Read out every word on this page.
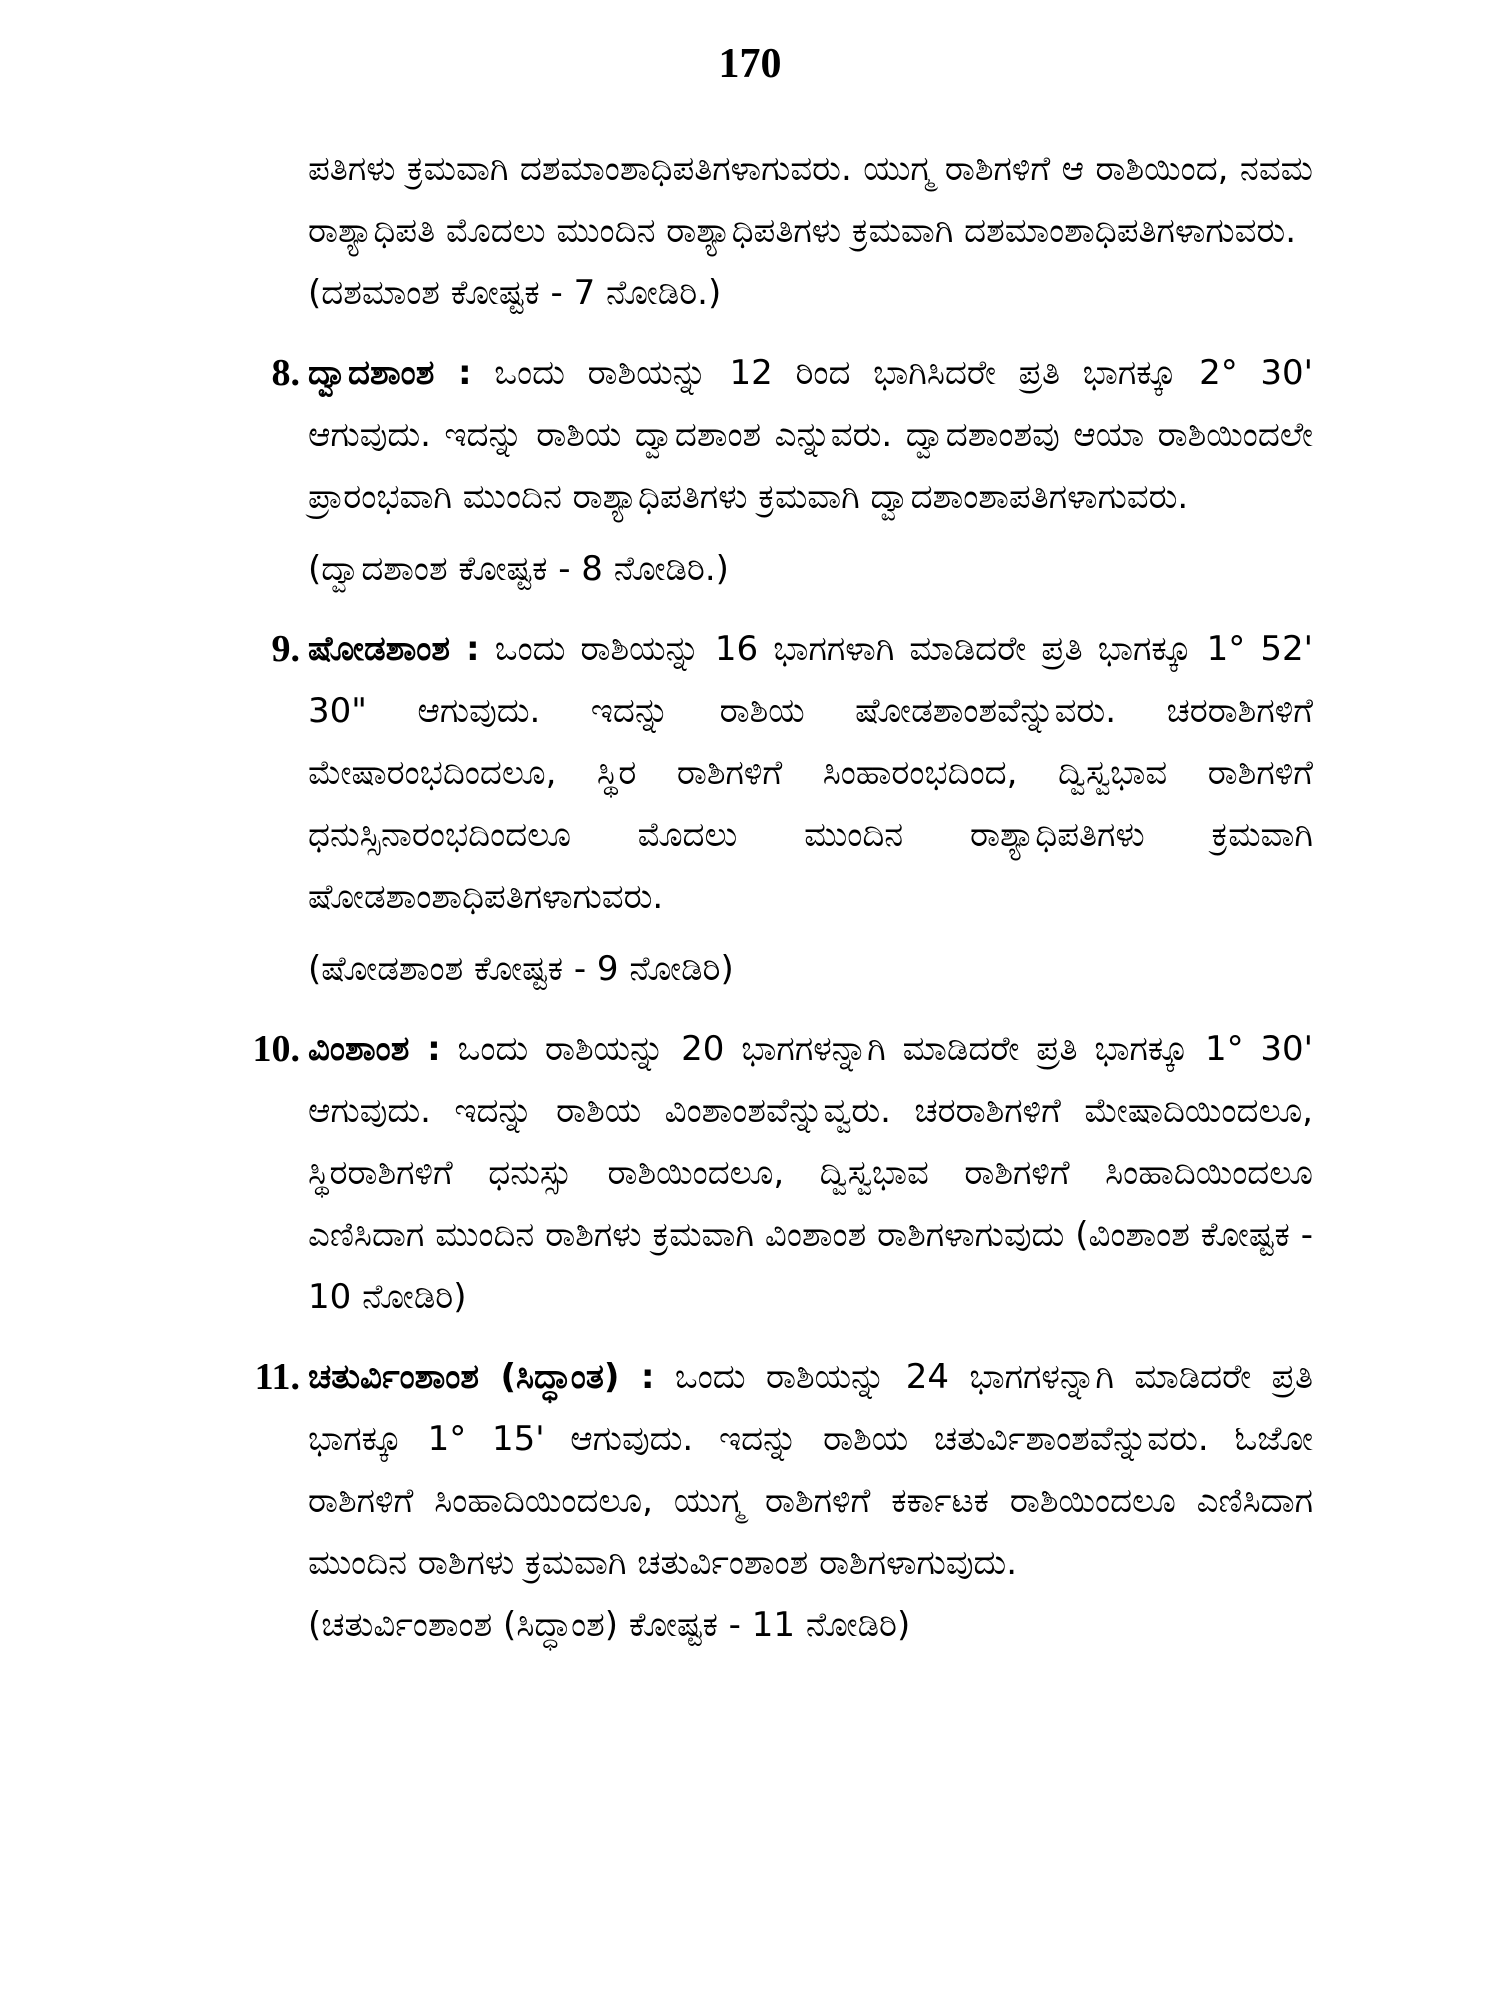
170

ಪತಿಗಳು ಕ್ರಮವಾಗಿ ದಶಮಾಂಶಾಧಿಪತಿಗಳಾಗುವರು. ಯುಗ್ಮ ರಾಶಿಗಳಿಗೆ ಆ ರಾಶಿಯಿಂದ, ನವಮ ರಾಶ್ಯಾಧಿಪತಿ ಮೊದಲು ಮುಂದಿನ ರಾಶ್ಯಾಧಿಪತಿಗಳು ಕ್ರಮವಾಗಿ ದಶಮಾಂಶಾಧಿಪತಿಗಳಾಗುವರು.

(ದಶಮಾಂಶ ಕೋಷ್ಟಕ - 7 ನೋಡಿರಿ.)

8. ದ್ವಾದಶಾಂಶ : ಒಂದು ರಾಶಿಯನ್ನು 12 ರಿಂದ ಭಾಗಿಸಿದರೇ ಪ್ರತಿ ಭಾಗಕ್ಕೂ 2° 30' ಆಗುವುದು. ಇದನ್ನು ರಾಶಿಯ ದ್ವಾದಶಾಂಶ ಎನ್ನುವರು. ದ್ವಾದಶಾಂಶವು ಆಯಾ ರಾಶಿಯಿಂದಲೇ ಪ್ರಾರಂಭವಾಗಿ ಮುಂದಿನ ರಾಶ್ಯಾಧಿಪತಿಗಳು ಕ್ರಮವಾಗಿ ದ್ವಾದಶಾಂಶಾಪತಿಗಳಾಗುವರು.

(ದ್ವಾದಶಾಂಶ ಕೋಷ್ಟಕ - 8 ನೋಡಿರಿ.)

9. ಷೋಡಶಾಂಶ : ಒಂದು ರಾಶಿಯನ್ನು 16 ಭಾಗಗಳಾಗಿ ಮಾಡಿದರೇ ಪ್ರತಿ ಭಾಗಕ್ಕೂ 1° 52' 30" ಆಗುವುದು. ಇದನ್ನು ರಾಶಿಯ ಷೋಡಶಾಂಶವೆನ್ನುವರು. ಚರರಾಶಿಗಳಿಗೆ ಮೇಷಾರಂಭದಿಂದಲೂ, ಸ್ಥಿರ ರಾಶಿಗಳಿಗೆ ಸಿಂಹಾರಂಭದಿಂದ, ದ್ವಿಸ್ವಭಾವ ರಾಶಿಗಳಿಗೆ ಧನುಸ್ಸಿನಾರಂಭದಿಂದಲೂ ಮೊದಲು ಮುಂದಿನ ರಾಶ್ಯಾಧಿಪತಿಗಳು ಕ್ರಮವಾಗಿ ಷೋಡಶಾಂಶಾಧಿಪತಿಗಳಾಗುವರು.

(ಷೋಡಶಾಂಶ ಕೋಷ್ಟಕ - 9 ನೋಡಿರಿ)

10. ವಿಂಶಾಂಶ : ಒಂದು ರಾಶಿಯನ್ನು 20 ಭಾಗಗಳನ್ನಾಗಿ ಮಾಡಿದರೇ ಪ್ರತಿ ಭಾಗಕ್ಕೂ 1° 30' ಆಗುವುದು. ಇದನ್ನು ರಾಶಿಯ ವಿಂಶಾಂಶವೆನ್ನುವ್ವರು. ಚರರಾಶಿಗಳಿಗೆ ಮೇಷಾದಿಯಿಂದಲೂ, ಸ್ಥಿರರಾಶಿಗಳಿಗೆ ಧನುಸ್ಸು ರಾಶಿಯಿಂದಲೂ, ದ್ವಿಸ್ವಭಾವ ರಾಶಿಗಳಿಗೆ ಸಿಂಹಾದಿಯಿಂದಲೂ ಎಣಿಸಿದಾಗ ಮುಂದಿನ ರಾಶಿಗಳು ಕ್ರಮವಾಗಿ ವಿಂಶಾಂಶ ರಾಶಿಗಳಾಗುವುದು (ವಿಂಶಾಂಶ ಕೋಷ್ಟಕ - 10 ನೋಡಿರಿ)

11. ಚತುರ್ವಿಂಶಾಂಶ (ಸಿದ್ಧಾಂತ) : ಒಂದು ರಾಶಿಯನ್ನು 24 ಭಾಗಗಳನ್ನಾಗಿ ಮಾಡಿದರೇ ಪ್ರತಿ ಭಾಗಕ್ಕೂ 1° 15' ಆಗುವುದು. ಇದನ್ನು ರಾಶಿಯ ಚತುರ್ವಿಶಾಂಶವೆನ್ನುವರು. ಓಜೋ ರಾಶಿಗಳಿಗೆ ಸಿಂಹಾದಿಯಿಂದಲೂ, ಯುಗ್ಮ ರಾಶಿಗಳಿಗೆ ಕರ್ಕಾಟಕ ರಾಶಿಯಿಂದಲೂ ಎಣಿಸಿದಾಗ ಮುಂದಿನ ರಾಶಿಗಳು ಕ್ರಮವಾಗಿ ಚತುರ್ವಿಂಶಾಂಶ ರಾಶಿಗಳಾಗುವುದು.

(ಚತುರ್ವಿಂಶಾಂಶ (ಸಿದ್ಧಾಂಶ) ಕೋಷ್ಟಕ - 11 ನೋಡಿರಿ)
